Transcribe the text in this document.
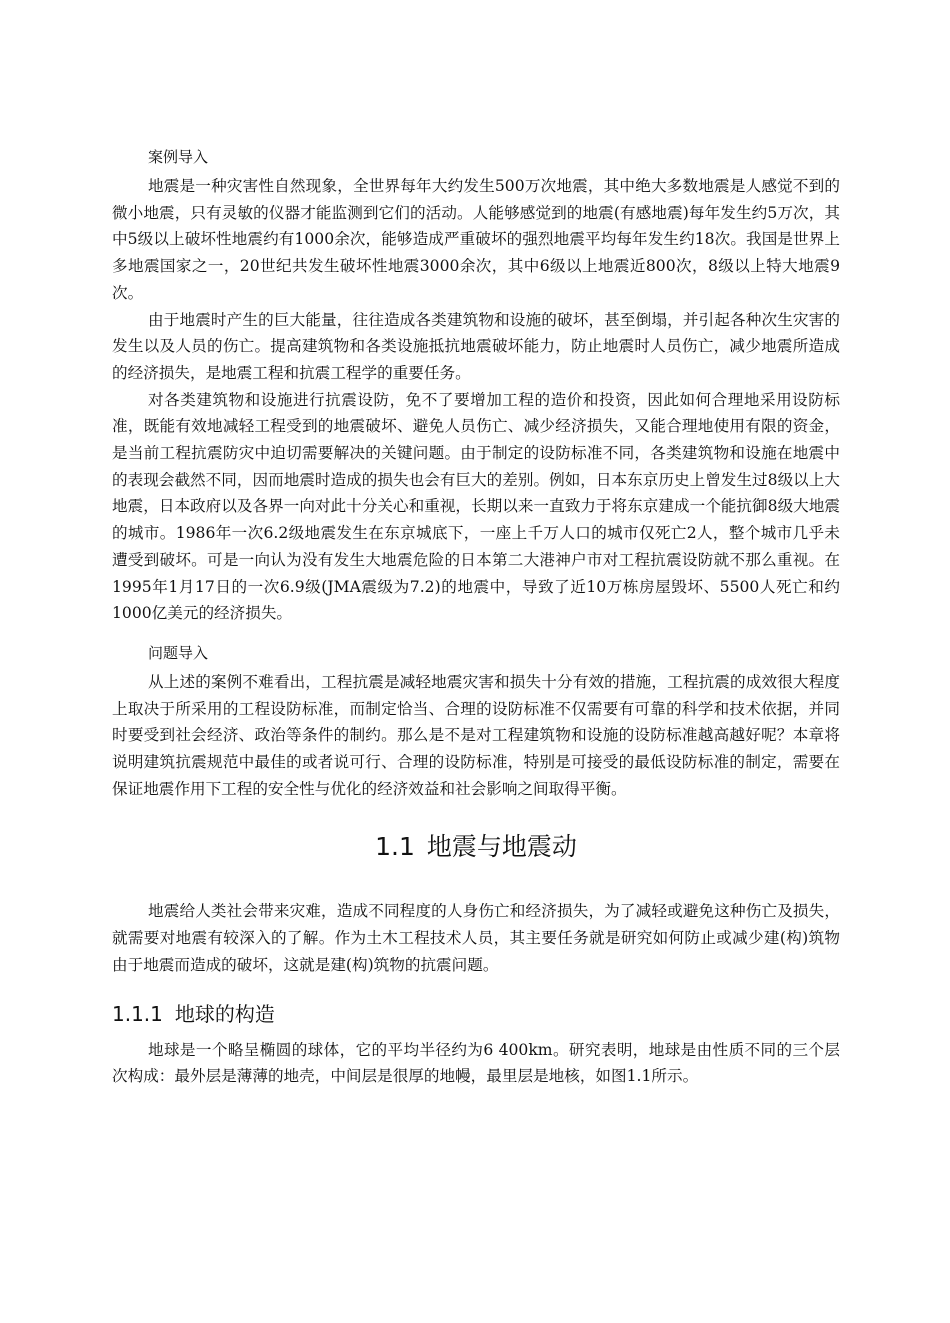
案例导入

地震是一种灾害性自然现象，全世界每年大约发生500万次地震，其中绝大多数地震是人感觉不到的微小地震，只有灵敏的仪器才能监测到它们的活动。人能够感觉到的地震(有感地震)每年发生约5万次，其中5级以上破坏性地震约有1000余次，能够造成严重破坏的强烈地震平均每年发生约18次。我国是世界上多地震国家之一，20世纪共发生破坏性地震3000余次，其中6级以上地震近800次，8级以上特大地震9次。

由于地震时产生的巨大能量，往往造成各类建筑物和设施的破坏，甚至倒塌，并引起各种次生灾害的发生以及人员的伤亡。提高建筑物和各类设施抵抗地震破坏能力，防止地震时人员伤亡，减少地震所造成的经济损失，是地震工程和抗震工程学的重要任务。

对各类建筑物和设施进行抗震设防，免不了要增加工程的造价和投资，因此如何合理地采用设防标准，既能有效地减轻工程受到的地震破坏、避免人员伤亡、减少经济损失，又能合理地使用有限的资金，是当前工程抗震防灾中迫切需要解决的关键问题。由于制定的设防标准不同，各类建筑物和设施在地震中的表现会截然不同，因而地震时造成的损失也会有巨大的差别。例如，日本东京历史上曾发生过8级以上大地震，日本政府以及各界一向对此十分关心和重视，长期以来一直致力于将东京建成一个能抗御8级大地震的城市。1986年一次6.2级地震发生在东京城底下，一座上千万人口的城市仅死亡2人，整个城市几乎未遭受到破坏。可是一向认为没有发生大地震危险的日本第二大港神户市对工程抗震设防就不那么重视。在1995年1月17日的一次6.9级(JMA震级为7.2)的地震中，导致了近10万栋房屋毁坏、5500人死亡和约1000亿美元的经济损失。

问题导入

从上述的案例不难看出，工程抗震是减轻地震灾害和损失十分有效的措施，工程抗震的成效很大程度上取决于所采用的工程设防标准，而制定恰当、合理的设防标准不仅需要有可靠的科学和技术依据，并同时要受到社会经济、政治等条件的制约。那么是不是对工程建筑物和设施的设防标准越高越好呢？本章将说明建筑抗震规范中最佳的或者说可行、合理的设防标准，特别是可接受的最低设防标准的制定，需要在保证地震作用下工程的安全性与优化的经济效益和社会影响之间取得平衡。

1.1 地震与地震动

地震给人类社会带来灾难，造成不同程度的人身伤亡和经济损失，为了减轻或避免这种伤亡及损失，就需要对地震有较深入的了解。作为土木工程技术人员，其主要任务就是研究如何防止或减少建(构)筑物由于地震而造成的破坏，这就是建(构)筑物的抗震问题。

1.1.1 地球的构造

地球是一个略呈椭圆的球体，它的平均半径约为6 400km。研究表明，地球是由性质不同的三个层次构成：最外层是薄薄的地壳，中间层是很厚的地幔，最里层是地核，如图1.1所示。
